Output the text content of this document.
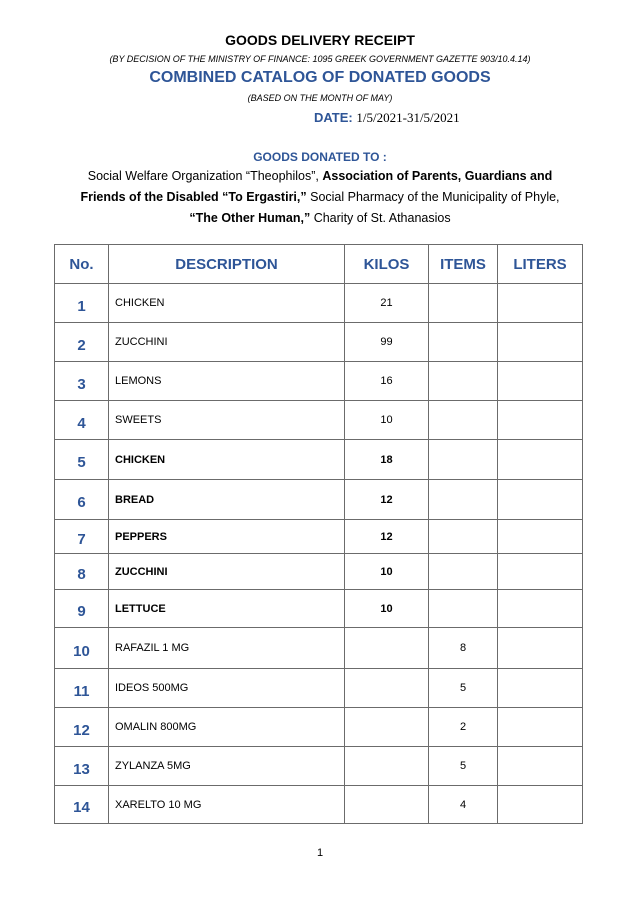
GOODS DELIVERY RECEIPT
(BY DECISION OF THE MINISTRY OF FINANCE: 1095 GREEK GOVERNMENT GAZETTE 903/10.4.14)
COMBINED CATALOG OF DONATED GOODS
(BASED ON THE MONTH OF MAY)
DATE: 1/5/2021-31/5/2021
GOODS DONATED TO :
Social Welfare Organization “Theophilos”, Association of Parents, Guardians and Friends of the Disabled “To Ergastiri,” Social Pharmacy of the Municipality of Phyle, “The Other Human,” Charity of St. Athanasios
No.	DESCRIPTION	KILOS	ITEMS	LITERS
1	CHICKEN	21		
2	ZUCCHINI	99		
3	LEMONS	16		
4	SWEETS	10		
5	CHICKEN	18		
6	BREAD	12		
7	PEPPERS	12		
8	ZUCCHINI	10		
9	LETTUCE	10		
10	RAFAZIL 1 MG		8	
11	IDEOS 500MG		5	
12	OMALIN 800MG		2	
13	ZYLANZA 5MG		5	
14	XARELTO 10 MG		4	
1
